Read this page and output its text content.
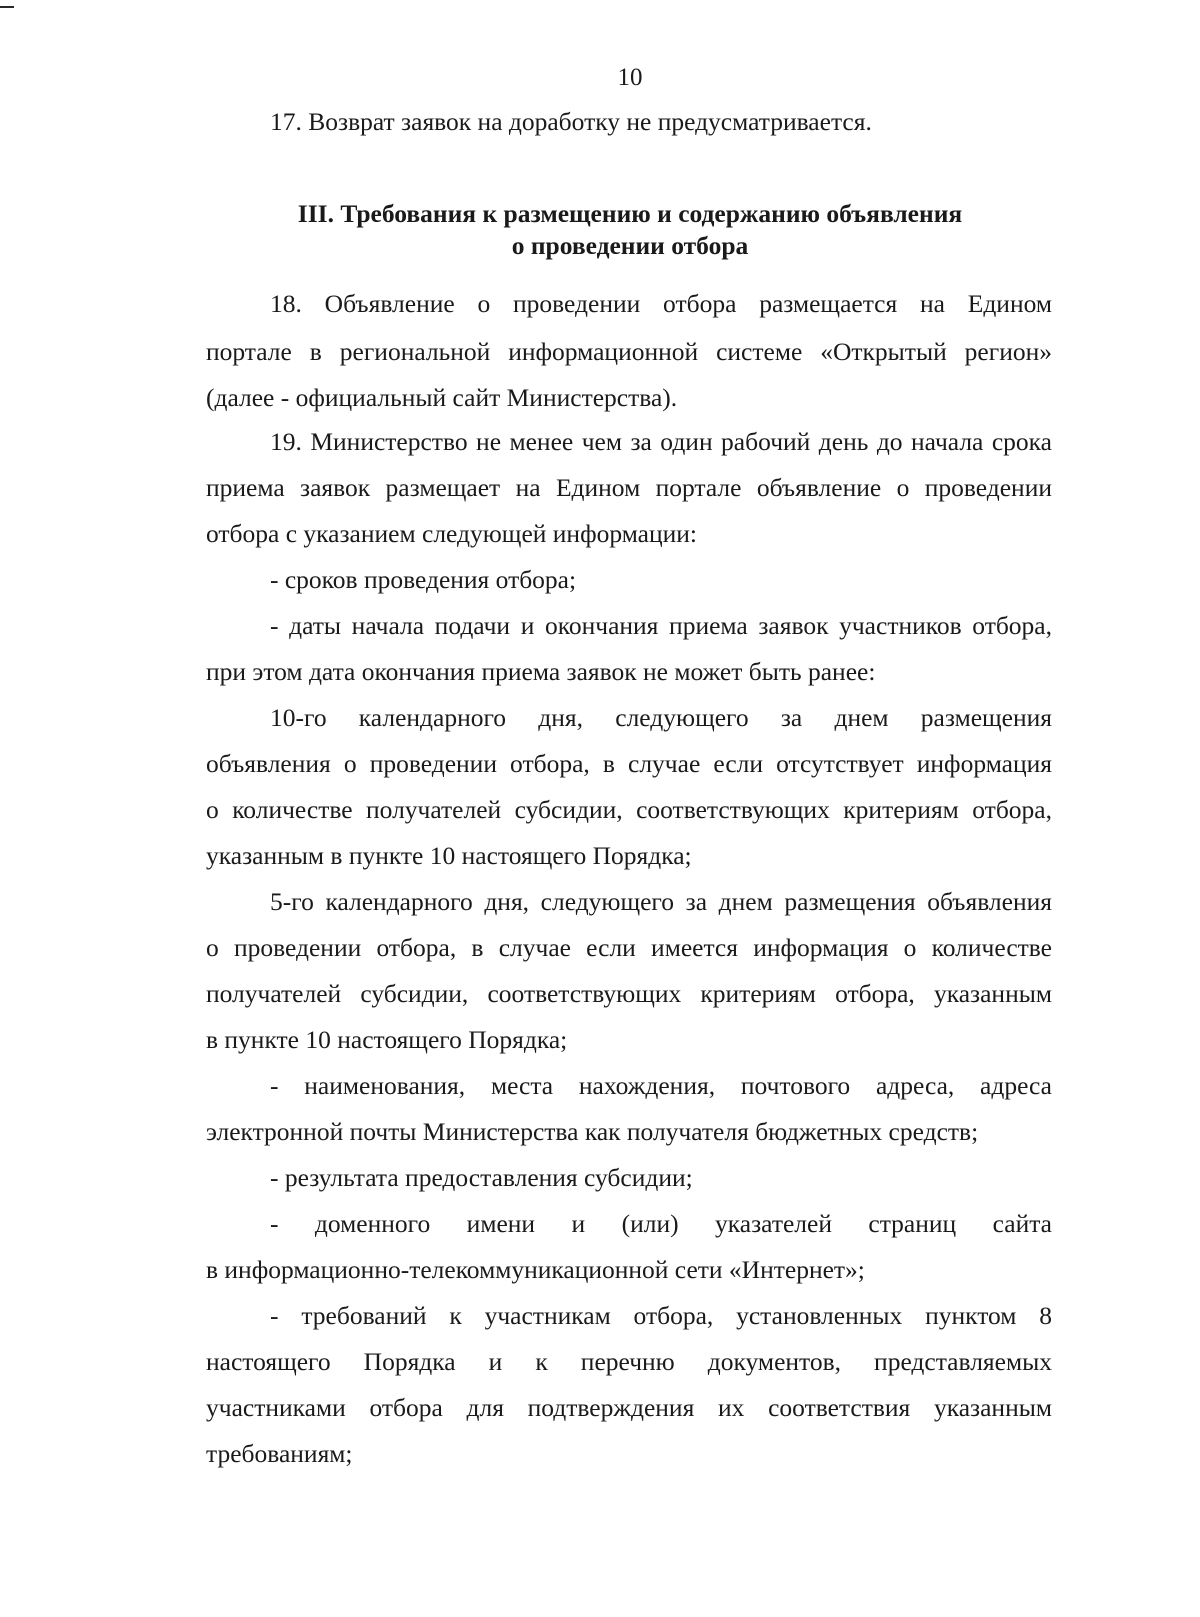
10
17. Возврат заявок на доработку не предусматривается.
III. Требования к размещению и содержанию объявления
о проведении отбора
18. Объявление о проведении отбора размещается на Едином
портале в региональной информационной системе «Открытый регион»
(далее - официальный сайт Министерства).
19. Министерство не менее чем за один рабочий день до начала срока
приема заявок размещает на Едином портале объявление о проведении
отбора с указанием следующей информации:
- сроков проведения отбора;
- даты начала подачи и окончания приема заявок участников отбора,
при этом дата окончания приема заявок не может быть ранее:
10-го календарного дня, следующего за днем размещения
объявления о проведении отбора, в случае если отсутствует информация
о количестве получателей субсидии, соответствующих критериям отбора,
указанным в пункте 10 настоящего Порядка;
5-го календарного дня, следующего за днем размещения объявления
о проведении отбора, в случае если имеется информация о количестве
получателей субсидии, соответствующих критериям отбора, указанным
в пункте 10 настоящего Порядка;
- наименования, места нахождения, почтового адреса, адреса
электронной почты Министерства как получателя бюджетных средств;
- результата предоставления субсидии;
- доменного имени и (или) указателей страниц сайта
в информационно-телекоммуникационной сети «Интернет»;
- требований к участникам отбора, установленных пунктом 8
настоящего Порядка и к перечню документов, представляемых
участниками отбора для подтверждения их соответствия указанным
требованиям;
